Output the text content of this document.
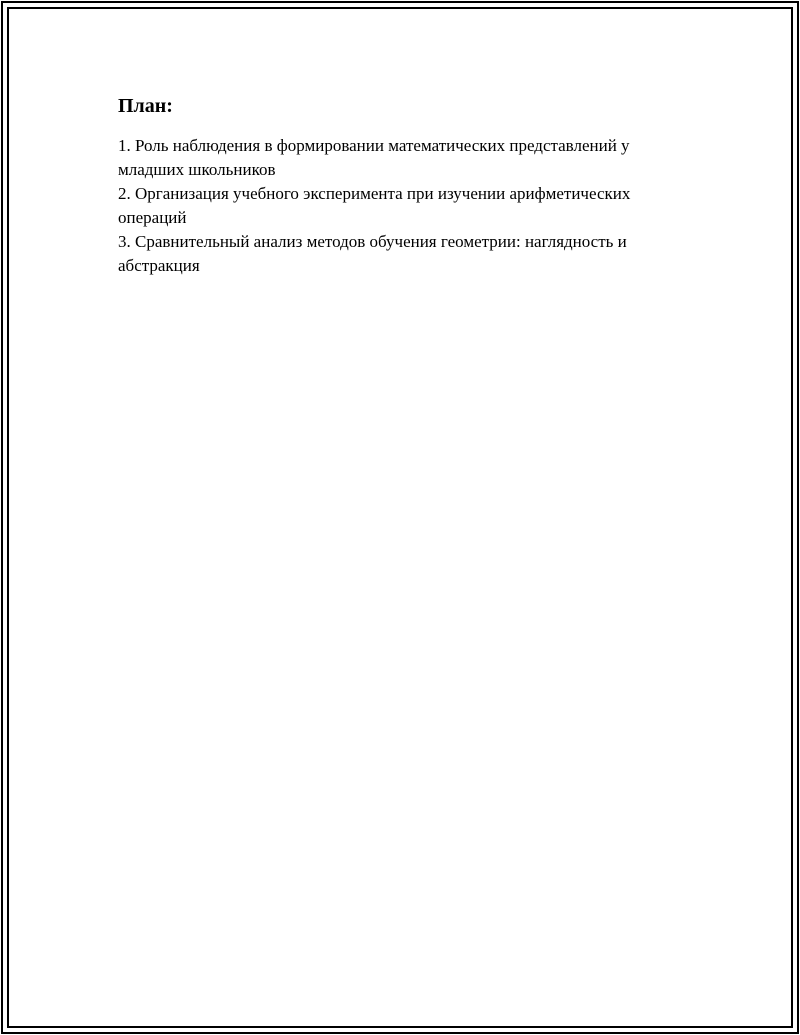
План:
1. Роль наблюдения в формировании математических представлений у младших школьников
2. Организация учебного эксперимента при изучении арифметических операций
3. Сравнительный анализ методов обучения геометрии: наглядность и абстракция
